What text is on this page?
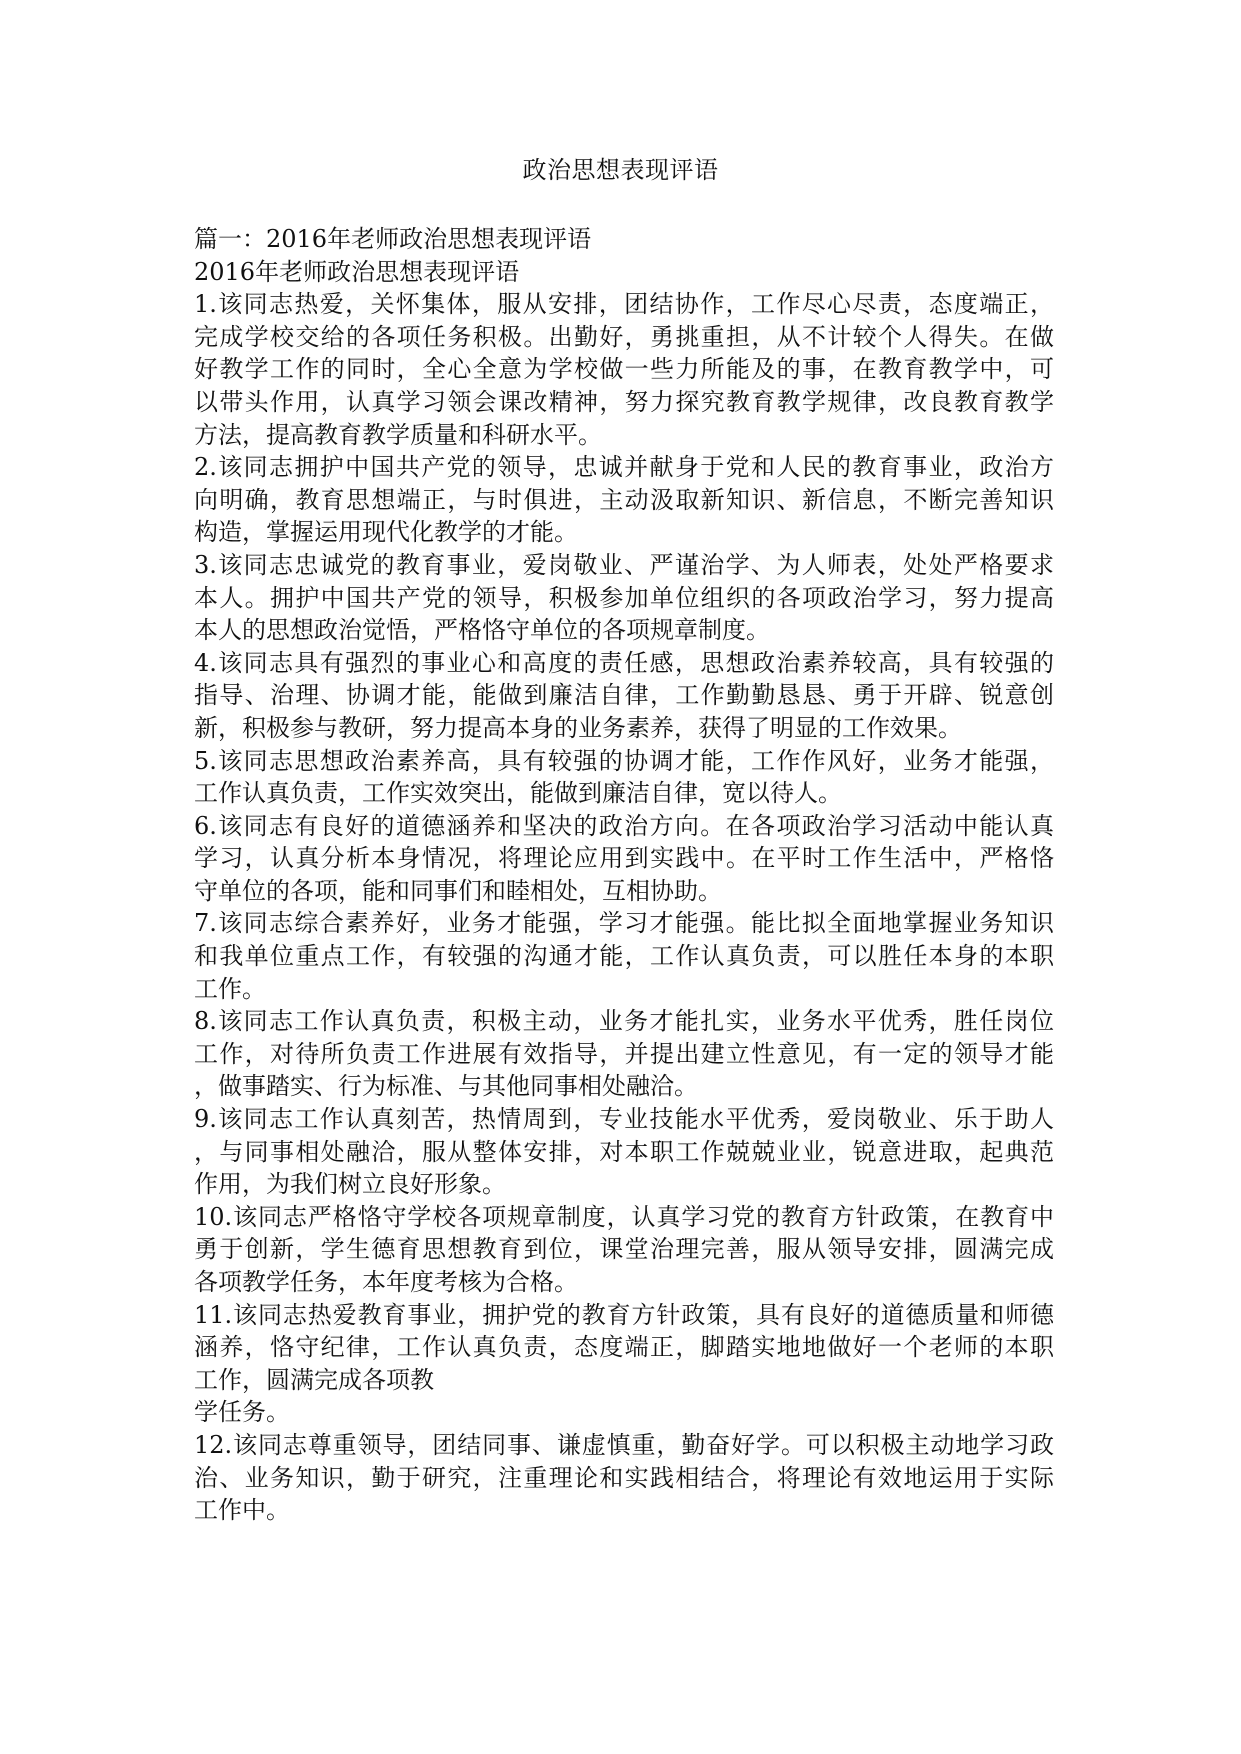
政治思想表现评语
篇一：2016年老师政治思想表现评语
2016年老师政治思想表现评语
1.该同志热爱，关怀集体，服从安排，团结协作，工作尽心尽责，态度端正，
完成学校交给的各项任务积极。出勤好，勇挑重担，从不计较个人得失。在做
好教学工作的同时，全心全意为学校做一些力所能及的事，在教育教学中，可
以带头作用，认真学习领会课改精神，努力探究教育教学规律，改良教育教学
方法，提高教育教学质量和科研水平。
2.该同志拥护中国共产党的领导，忠诚并献身于党和人民的教育事业，政治方
向明确，教育思想端正，与时俱进，主动汲取新知识、新信息，不断完善知识
构造，掌握运用现代化教学的才能。
3.该同志忠诚党的教育事业，爱岗敬业、严谨治学、为人师表，处处严格要求
本人。拥护中国共产党的领导，积极参加单位组织的各项政治学习，努力提高
本人的思想政治觉悟，严格恪守单位的各项规章制度。
4.该同志具有强烈的事业心和高度的责任感，思想政治素养较高，具有较强的
指导、治理、协调才能，能做到廉洁自律，工作勤勤恳恳、勇于开辟、锐意创
新，积极参与教研，努力提高本身的业务素养，获得了明显的工作效果。
5.该同志思想政治素养高，具有较强的协调才能，工作作风好，业务才能强，
工作认真负责，工作实效突出，能做到廉洁自律，宽以待人。
6.该同志有良好的道德涵养和坚决的政治方向。在各项政治学习活动中能认真
学习，认真分析本身情况，将理论应用到实践中。在平时工作生活中，严格恪
守单位的各项，能和同事们和睦相处，互相协助。
7.该同志综合素养好，业务才能强，学习才能强。能比拟全面地掌握业务知识
和我单位重点工作，有较强的沟通才能，工作认真负责，可以胜任本身的本职
工作。
8.该同志工作认真负责，积极主动，业务才能扎实，业务水平优秀，胜任岗位
工作，对待所负责工作进展有效指导，并提出建立性意见，有一定的领导才能
，做事踏实、行为标准、与其他同事相处融洽。
9.该同志工作认真刻苦，热情周到，专业技能水平优秀，爱岗敬业、乐于助人
，与同事相处融洽，服从整体安排，对本职工作兢兢业业，锐意进取，起典范
作用，为我们树立良好形象。
10.该同志严格恪守学校各项规章制度，认真学习党的教育方针政策，在教育中
勇于创新，学生德育思想教育到位，课堂治理完善，服从领导安排，圆满完成
各项教学任务，本年度考核为合格。
11.该同志热爱教育事业，拥护党的教育方针政策，具有良好的道德质量和师德
涵养，恪守纪律，工作认真负责，态度端正，脚踏实地地做好一个老师的本职
工作，圆满完成各项教
学任务。
12.该同志尊重领导，团结同事、谦虚慎重，勤奋好学。可以积极主动地学习政
治、业务知识，勤于研究，注重理论和实践相结合，将理论有效地运用于实际
工作中。
